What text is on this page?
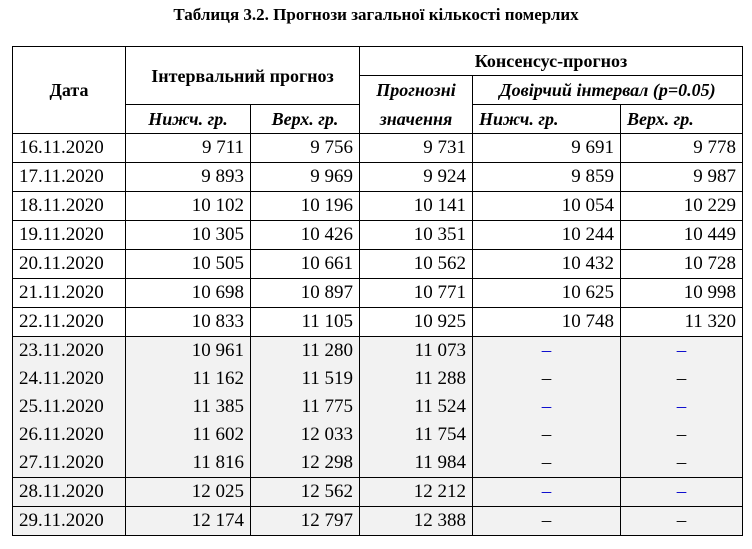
Таблиця 3.2. Прогнози загальної кількості померлих
Дата	Інтервальний прогноз		Консенсус-прогноз		
			Прогнозні	Довірчий інтервал (p=0.05)	
	Нижч. гр.	Верх. гр.	значення	Нижч. гр.	Верх. гр.
16.11.2020	9 711	9 756	9 731	9 691	9 778
17.11.2020	9 893	9 969	9 924	9 859	9 987
18.11.2020	10 102	10 196	10 141	10 054	10 229
19.11.2020	10 305	10 426	10 351	10 244	10 449
20.11.2020	10 505	10 661	10 562	10 432	10 728
21.11.2020	10 698	10 897	10 771	10 625	10 998
22.11.2020	10 833	11 105	10 925	10 748	11 320
23.11.2020	10 961	11 280	11 073	–	–
24.11.2020	11 162	11 519	11 288	–	–
25.11.2020	11 385	11 775	11 524	–	–
26.11.2020	11 602	12 033	11 754	–	–
27.11.2020	11 816	12 298	11 984	–	–
28.11.2020	12 025	12 562	12 212	–	–
29.11.2020	12 174	12 797	12 388	–	–
